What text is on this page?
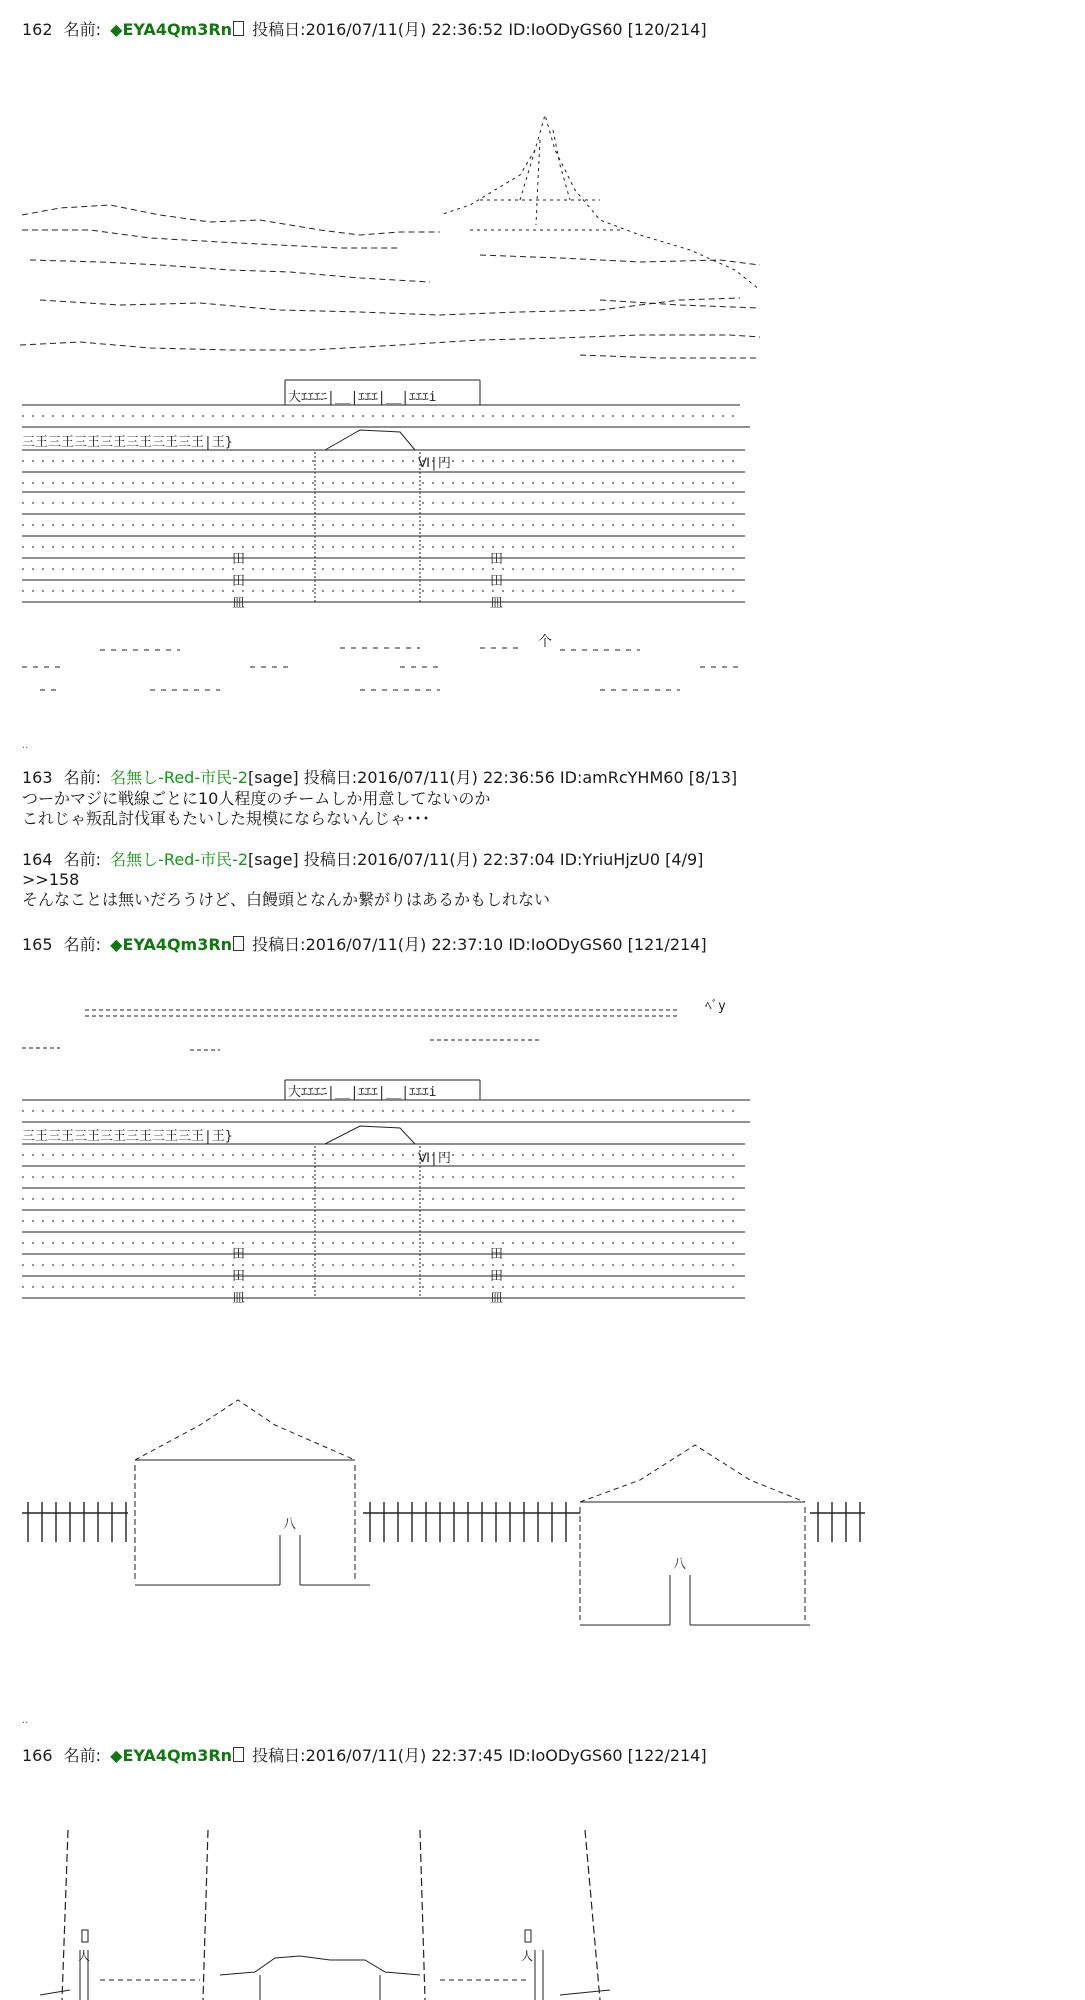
162 名前: ◆EYA4Qm3Rn 投稿日:2016/07/11(月) 22:36:52 ID:IoODyGS60 [120/214]
大ｴｴｴﾆ|__|ｴｴｴ|__|ｴｴｴi
三王三王三王三王三王三王三王|王}
Ⅵ|円
田
田
皿
田
田
皿
个
..
163 名前: 名無し-Red-市民-2[sage] 投稿日:2016/07/11(月) 22:36:56 ID:amRcYHM60 [8/13]
つーかマジに戦線ごとに10人程度のチームしか用意してないのか
これじゃ叛乱討伐軍もたいした規模にならないんじゃ･･･
164 名前: 名無し-Red-市民-2[sage] 投稿日:2016/07/11(月) 22:37:04 ID:YriuHjzU0 [4/9]
>>158
そんなことは無いだろうけど、白饅頭となんか繋がりはあるかもしれない
165 名前: ◆EYA4Qm3Rn 投稿日:2016/07/11(月) 22:37:10 ID:IoODyGS60 [121/214]
ﾍﾞy
大ｴｴｴﾆ|__|ｴｴｴ|__|ｴｴｴi
三王三王三王三王三王三王三王|王}
Ⅵ|円
田
田
皿
田
田
皿
八
八
..
166 名前: ◆EYA4Qm3Rn 投稿日:2016/07/11(月) 22:37:45 ID:IoODyGS60 [122/214]
人	人
